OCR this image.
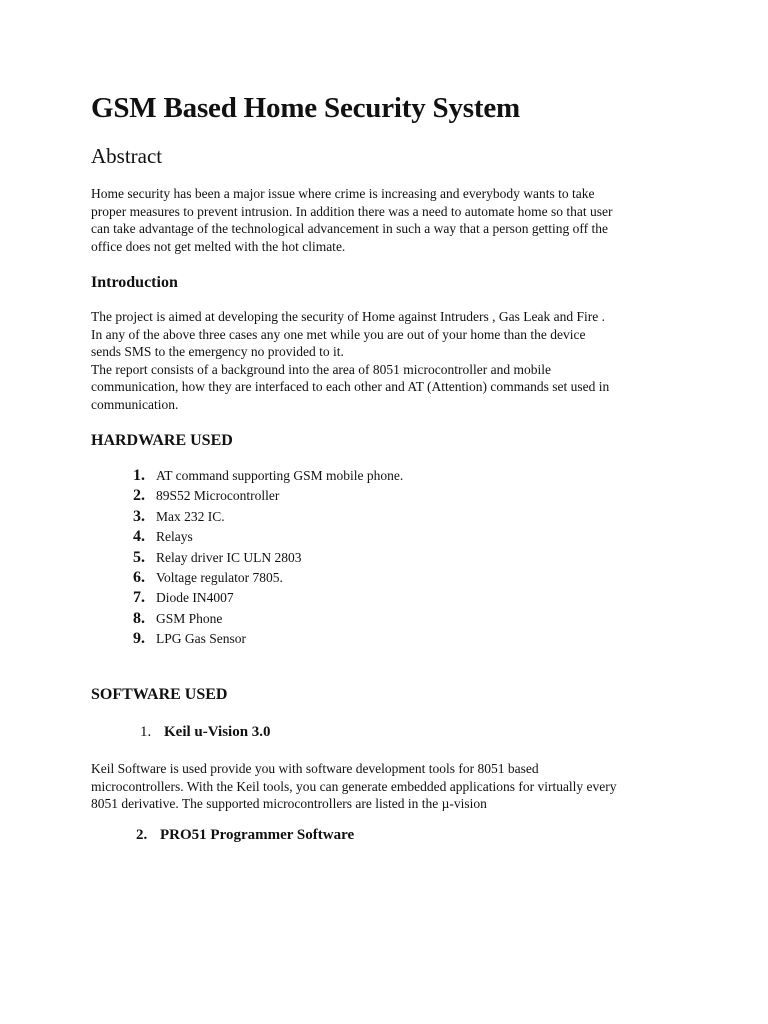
GSM Based Home Security System
Abstract

Home security has been a major issue where crime is increasing and everybody wants to take

proper measures to prevent intrusion. In addition there was a need to automate home so that user

can take advantage of the technological advancement in such a way that a person getting off the

office does not get melted with the hot climate.

Introduction

The project is aimed at developing the security of Home against Intruders , Gas Leak and Fire .

In any of the above three cases any one met while you are out of your home than the device

sends SMS to the emergency no provided to it.

The report consists of a background into the area of 8051 microcontroller and mobile

communication, how they are interfaced to each other and AT (Attention) commands set used in

communication.

HARDWARE USED
1. AT command supporting GSM mobile phone.
2. 89S52 Microcontroller
3. Max 232 IC.
4. Relays
5. Relay driver IC ULN 2803
6. Voltage regulator 7805.
7. Diode IN4007
8. GSM Phone
9. LPG Gas Sensor
SOFTWARE USED
1. Keil u-Vision 3.0

Keil Software is used provide you with software development tools for 8051 based

microcontrollers. With the Keil tools, you can generate embedded applications for virtually every

8051 derivative. The supported microcontrollers are listed in the µ-vision

2. PRO51 Programmer Software
